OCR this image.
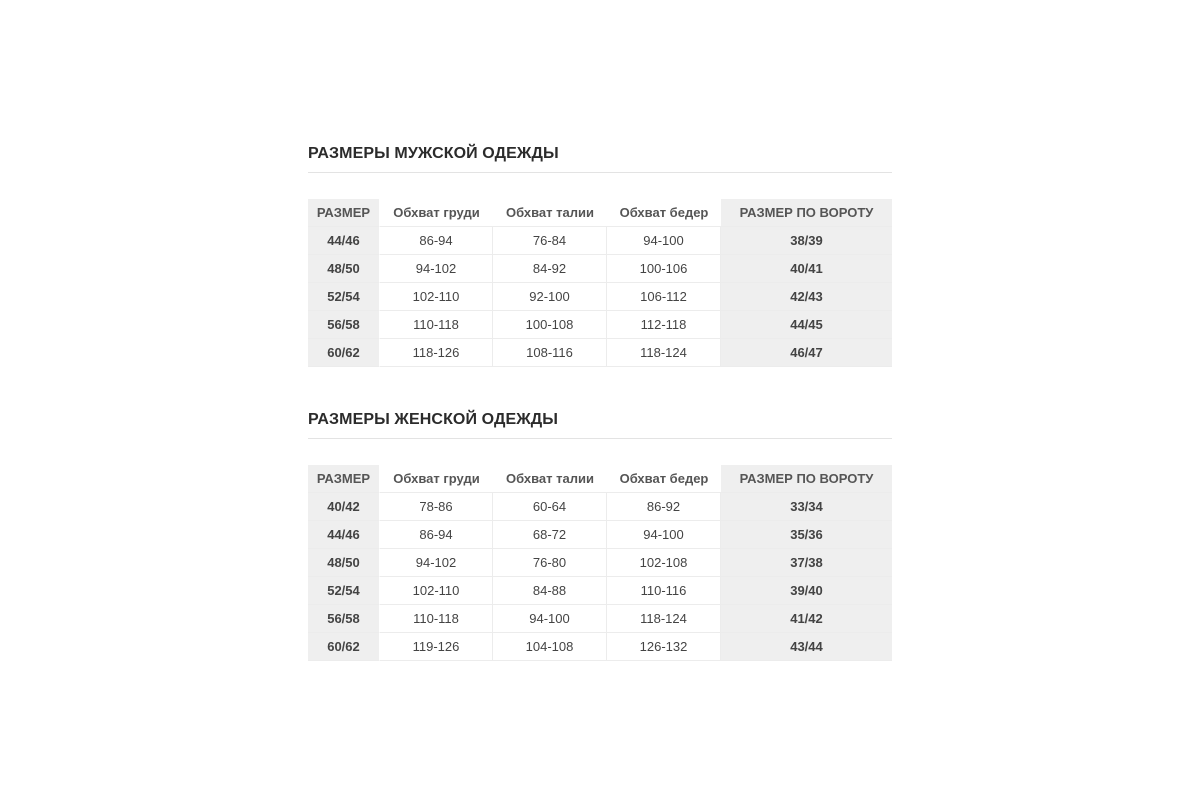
РАЗМЕРЫ МУЖСКОЙ ОДЕЖДЫ
РАЗМЕР	Обхват груди	Обхват талии	Обхват бедер	РАЗМЕР ПО ВОРОТУ
44/46	86-94	76-84	94-100	38/39
48/50	94-102	84-92	100-106	40/41
52/54	102-110	92-100	106-112	42/43
56/58	110-118	100-108	112-118	44/45
60/62	118-126	108-116	118-124	46/47
РАЗМЕРЫ ЖЕНСКОЙ ОДЕЖДЫ
РАЗМЕР	Обхват груди	Обхват талии	Обхват бедер	РАЗМЕР ПО ВОРОТУ
40/42	78-86	60-64	86-92	33/34
44/46	86-94	68-72	94-100	35/36
48/50	94-102	76-80	102-108	37/38
52/54	102-110	84-88	110-116	39/40
56/58	110-118	94-100	118-124	41/42
60/62	119-126	104-108	126-132	43/44
